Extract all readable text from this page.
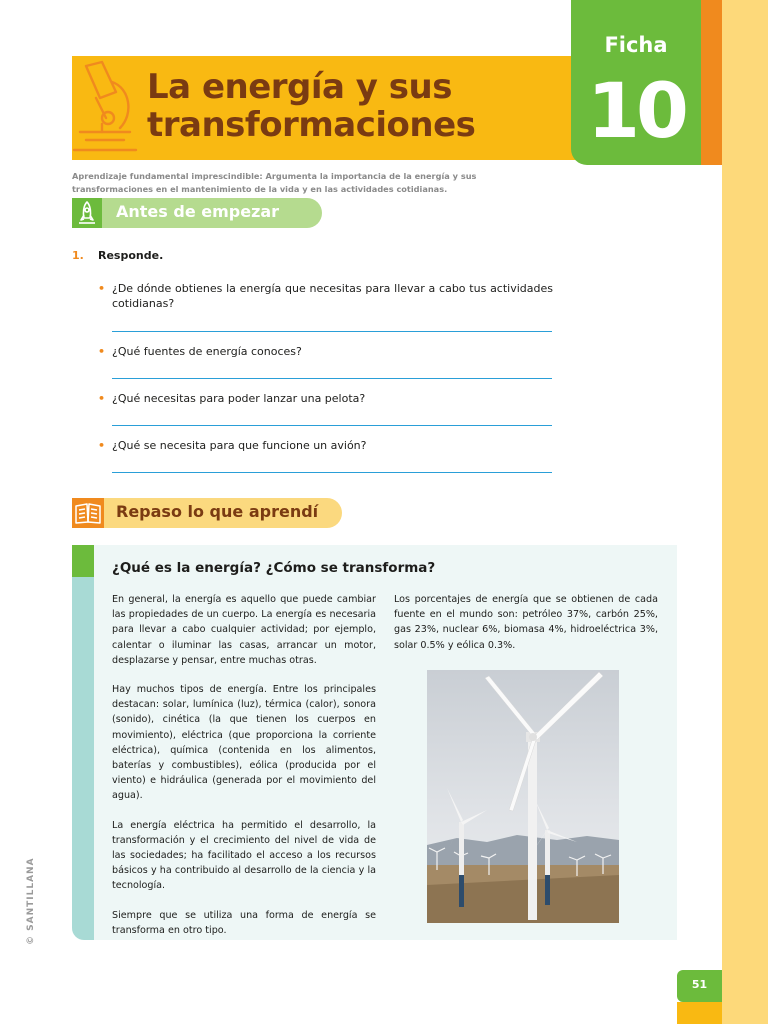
La energía y sus transformaciones
Ficha
10
Aprendizaje fundamental imprescindible: Argumenta la importancia de la energía y sus transformaciones en el mantenimiento de la vida y en las actividades cotidianas.
Antes de empezar
1. Responde.
• ¿De dónde obtienes la energía que necesitas para llevar a cabo tus actividades cotidianas?
• ¿Qué fuentes de energía conoces?
• ¿Qué necesitas para poder lanzar una pelota?
• ¿Qué se necesita para que funcione un avión?
Repaso lo que aprendí
¿Qué es la energía? ¿Cómo se transforma?

En general, la energía es aquello que puede cambiar las propiedades de un cuerpo. La energía es necesaria para llevar a cabo cualquier actividad; por ejemplo, calentar o iluminar las casas, arrancar un motor, desplazarse y pensar, entre muchas otras.

Hay muchos tipos de energía. Entre los principales destacan: solar, lumínica (luz), térmica (calor), sonora (sonido), cinética (la que tienen los cuerpos en movimiento), eléctrica (que proporciona la corriente eléctrica), química (contenida en los alimentos, baterías y combustibles), eólica (producida por el viento) e hidráulica (generada por el movimiento del agua).

La energía eléctrica ha permitido el desarrollo, la transformación y el crecimiento del nivel de vida de las sociedades; ha facilitado el acceso a los recursos básicos y ha contribuido al desarrollo de la ciencia y la tecnología.

Siempre que se utiliza una forma de energía se transforma en otro tipo.

Los porcentajes de energía que se obtienen de cada fuente en el mundo son: petróleo 37%, carbón 25%, gas 23%, nuclear 6%, biomasa 4%, hidroeléctrica 3%, solar 0.5% y eólica 0.3%.
© SANTILLANA
51
